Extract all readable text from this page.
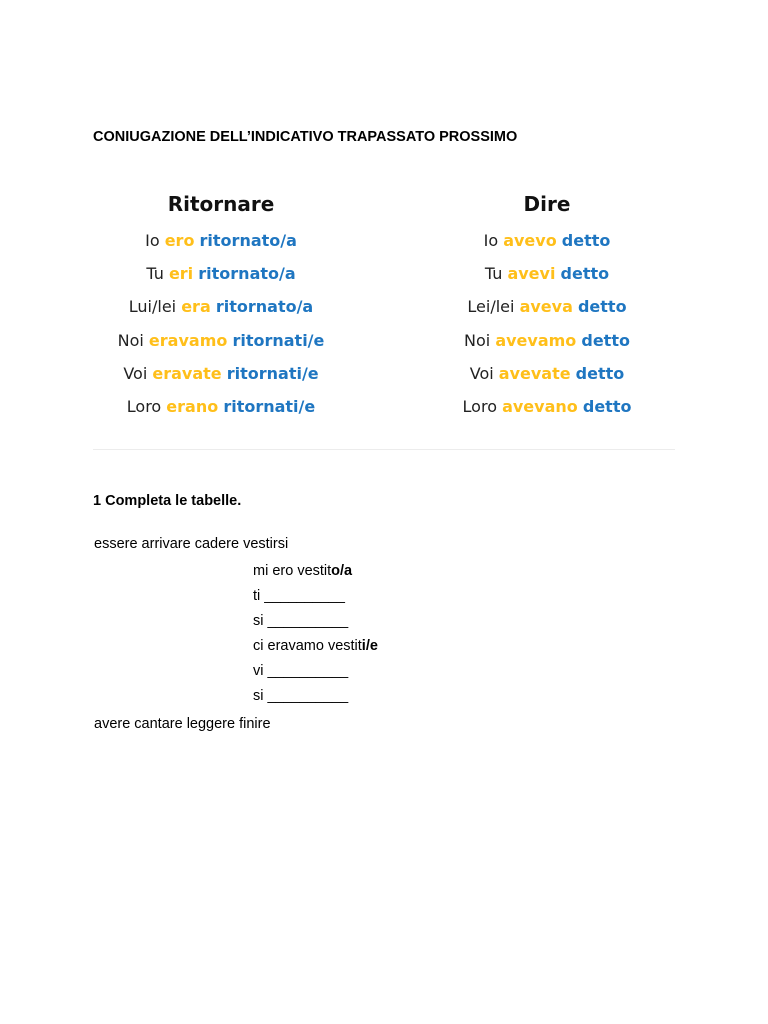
CONIUGAZIONE DELL’INDICATIVO TRAPASSATO PROSSIMO
Ritornare
Io ero ritornato/a
Tu eri ritornato/a
Lui/lei era ritornato/a
Noi eravamo ritornati/e
Voi eravate ritornati/e
Loro erano ritornati/e
Dire
Io avevo detto
Tu avevi detto
Lei/lei aveva detto
Noi avevamo detto
Voi avevate detto
Loro avevano detto
1 Completa le tabelle.
essere arrivare cadere vestirsi
mi ero vestito/a
ti __________
si __________
ci eravamo vestiti/e
vi __________
si __________
avere cantare leggere finire
